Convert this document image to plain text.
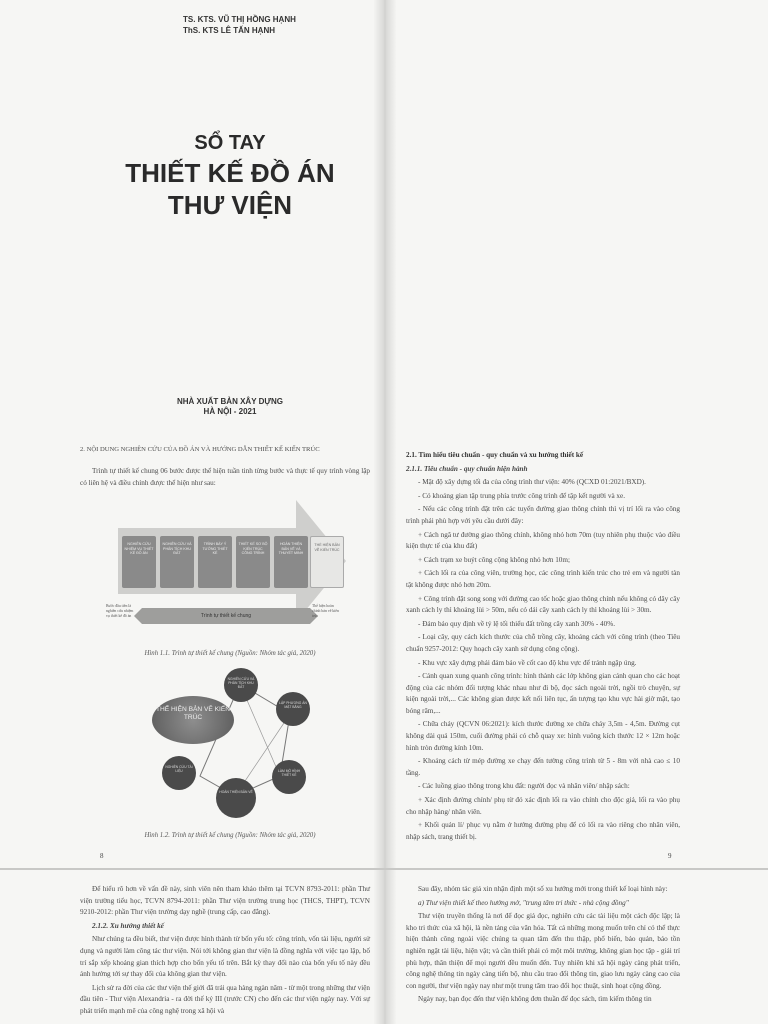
TS. KTS. VŨ THỊ HỒNG HẠNH
ThS. KTS LÊ TẤN HẠNH
SỔ TAY
THIẾT KẾ ĐỒ ÁN
THƯ VIỆN
NHÀ XUẤT BẢN XÂY DỰNG
HÀ NỘI - 2021
2. NỘI DUNG NGHIÊN CỨU CỦA ĐỒ ÁN VÀ HƯỚNG DẪN THIẾT KẾ KIẾN TRÚC

Trình tự thiết kế chung 06 bước được thể hiện tuần tinh từng bước và thực tế quy trình vòng lặp có liên hệ và điều chỉnh được thể hiện như sau:

NGHIÊN CỨU NHIỆM VỤ THIẾT KẾ ĐỒ ÁN
NGHIÊN CỨU VÀ PHÂN TÍCH KHU ĐẤT
TRÌNH BÀY Ý TƯỞNG THIẾT KẾ
THIẾT KẾ SƠ BỘ KIẾN TRÚC CÔNG TRÌNH
HOÀN THIỆN BẢN VẼ VÀ THUYẾT MINH
THỂ HIỆN BẢN VẼ KIẾN TRÚC
Bước đầu tiên là nghiên cứu nhiệm vụ thiết kế đồ án	Trình tự thiết kế chung
Thể hiện hoàn chỉnh bản vẽ kiến trúc
Hình 1.1. Trình tự thiết kế chung (Nguồn: Nhóm tác giả, 2020)
THỂ HIỆN BẢN VẼ KIẾN TRÚC
NGHIÊN CỨU VÀ PHÂN TÍCH KHU ĐẤT
LẬP PHƯƠNG ÁN MẶT BẰNG
LÀM MÔ HÌNH THIẾT KẾ
HOÀN THIỆN BẢN VẼ
NGHIÊN CỨU TÀI LIỆU
Hình 1.2. Trình tự thiết kế chung (Nguồn: Nhóm tác giả, 2020)
8

2.1. Tìm hiểu tiêu chuẩn - quy chuẩn và xu hướng thiết kế

2.1.1. Tiêu chuẩn - quy chuẩn hiện hành

- Mật độ xây dựng tối đa của công trình thư viện: 40% (QCXD 01:2021/BXD).

- Có khoảng gian tập trung phía trước công trình để tập kết người và xe.

- Nếu các công trình đặt trên các tuyến đường giao thông chính thì vị trí lối ra vào công trình phải phù hợp với yêu cầu dưới đây:

+ Cách ngã tư đường giao thông chính, không nhỏ hơn 70m (tuy nhiên phụ thuộc vào điều kiện thực tế của khu đất)

+ Cách trạm xe buýt công cộng không nhỏ hơn 10m;

+ Cách lối ra của công viên, trường học, các công trình kiến trúc cho trẻ em và người tàn tật không được nhỏ hơn 20m.

+ Công trình đặt song song với đường cao tốc hoặc giao thông chính nếu không có dây cây xanh cách ly thì khoảng lùi > 50m, nếu có dải cây xanh cách ly thì khoảng lùi > 30m.

- Đảm bảo quy định về tỷ lệ tối thiểu đất trồng cây xanh 30% - 40%.

- Loại cây, quy cách kích thước của chỗ trồng cây, khoảng cách với công trình (theo Tiêu chuẩn 9257-2012: Quy hoạch cây xanh sử dụng công cộng).

- Khu vực xây dựng phải đảm bảo về cốt cao độ khu vực để tránh ngập úng.

- Cảnh quan xung quanh công trình: hình thành các lớp không gian cảnh quan cho các hoạt động của các nhóm đối tượng khác nhau như đi bộ, đọc sách ngoài trời, ngồi trò chuyện, sự kiện ngoài trời,... Các không gian được kết nối liên tục, ấn tượng tạo khu vực hài giờ mặt, tạo bóng râm,...

- Chữa cháy (QCVN 06:2021): kích thước đường xe chữa cháy 3,5m - 4,5m. Đường cụt không dài quá 150m, cuối đường phải có chỗ quay xe: hình vuông kích thước 12 × 12m hoặc hình tròn đường kính 10m.

- Khoảng cách từ mép đường xe chạy đến tường công trình từ 5 - 8m với nhà cao ≤ 10 tầng.

- Các luồng giao thông trong khu đất: người đọc và nhân viên/ nhập sách:

+ Xác định đường chính/ phụ từ đó xác định lối ra vào chính cho độc giả, lối ra vào phụ cho nhập hàng/ nhân viên.

+ Khối quản lí/ phục vụ nằm ở hướng đường phụ để có lối ra vào riêng cho nhân viên, nhập sách, trang thiết bị.

9

Để hiểu rõ hơn về vấn đề này, sinh viên nên tham khảo thêm tại TCVN 8793-2011: phần Thư viện trường tiểu học, TCVN 8794-2011: phần Thư viện trường trung học (THCS, THPT), TCVN 9210-2012: phần Thư viện trường dạy nghề (trung cấp, cao đẳng).

2.1.2. Xu hướng thiết kế

Như chúng ta đều biết, thư viện được hình thành từ bốn yếu tố: công trình, vốn tài liệu, người sử dụng và người làm công tác thư viện. Nói tới không gian thư viện là đồng nghĩa với việc tạo lập, bố trí sắp xếp khoảng gian thích hợp cho bốn yếu tố trên. Bắt kỳ thay đổi nào của bốn yếu tố này đều ảnh hưởng tới sự thay đổi của không gian thư viện.

Lịch sử ra đời của các thư viện thế giới đã trải qua hàng ngàn năm - từ một trong những thư viện đầu tiên - Thư viện Alexandria - ra đời thế kỷ III (trước CN) cho đến các thư viện ngày nay. Với sự phát triển mạnh mẽ của công nghệ trong xã hội và

Sau đây, nhóm tác giả xin nhận định một số xu hướng mới trong thiết kế loại hình này:

a) Thư viện thiết kế theo hướng mở, "trung tâm tri thức - nhà cộng đồng"

Thư viện truyền thống là nơi để đọc giả đọc, nghiên cứu các tài liệu một cách độc lập; là kho tri thức của xã hội, là nền tảng của văn hóa. Tất cả những mong muốn trên chỉ có thể thực hiện thành công ngoài việc chúng ta quan tâm đến thu thập, phổ biến, bảo quản, bảo tồn nghiên ngặt tài liệu, hiện vật; và cần thiết phải có một môi trường, không gian học tập - giải trí phù hợp, thân thiện để mọi người đều muốn đến. Tuy nhiên khi xã hội ngày càng phát triển, công nghệ thông tin ngày càng tiến bộ, nhu cầu trao đổi thông tin, giao lưu ngày càng cao của con người, thư viện ngày nay như một trung tâm trao đổi học thuật, sinh hoạt cộng đồng.

Ngày nay, bạn đọc đến thư viện không đơn thuần để đọc sách, tìm kiếm thông tin
